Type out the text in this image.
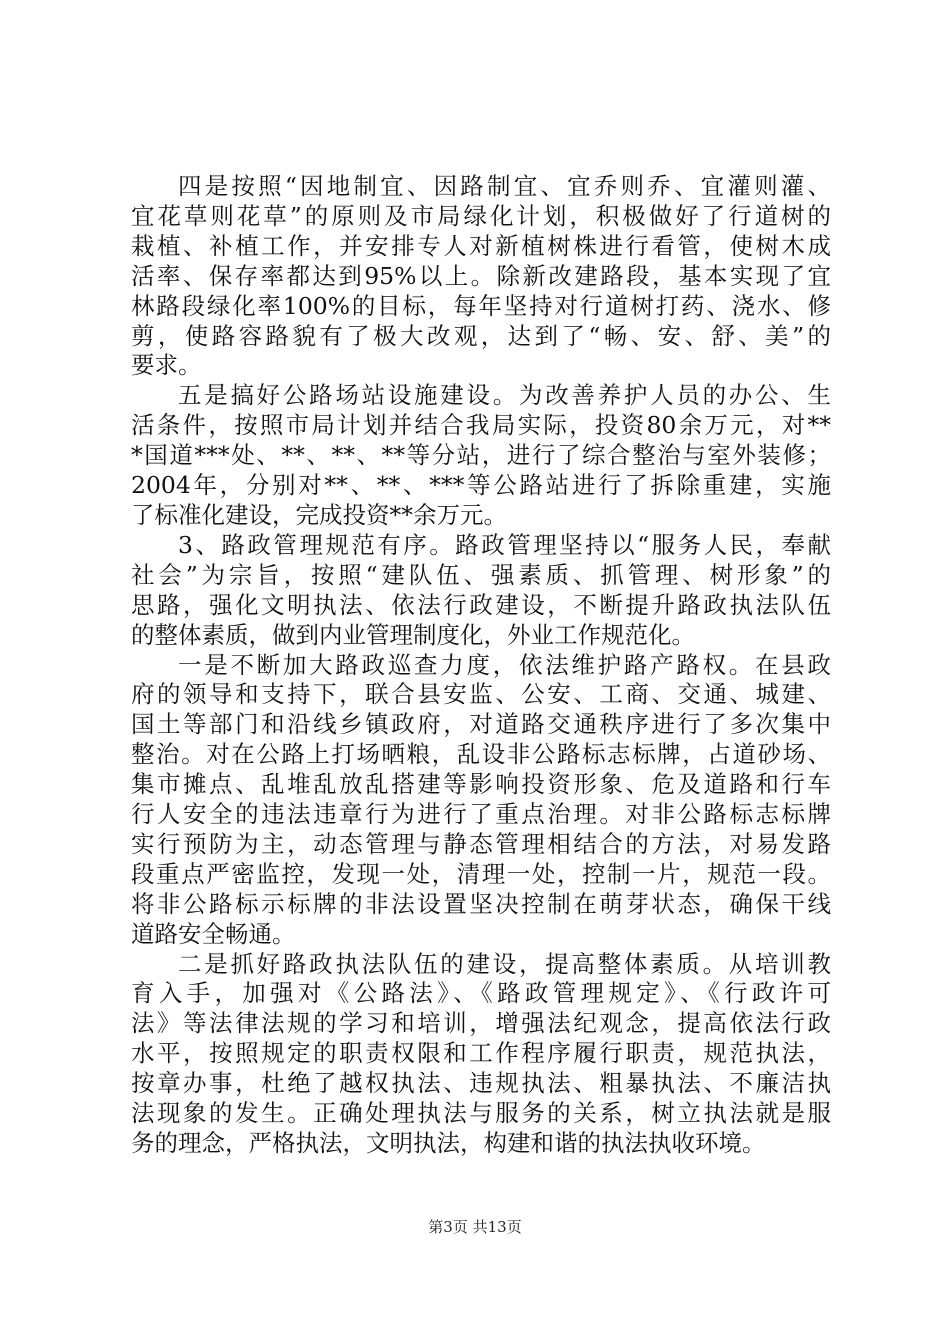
四是按照“因地制宜、因路制宜、宜乔则乔、宜灌则灌、
宜花草则花草”的原则及市局绿化计划，积极做好了行道树的
栽植、补植工作，并安排专人对新植树株进行看管，使树木成
活率、保存率都达到95%以上。除新改建路段，基本实现了宜
林路段绿化率100%的目标，每年坚持对行道树打药、浇水、修
剪，使路容路貌有了极大改观，达到了“畅、安、舒、美”的
要求。
五是搞好公路场站设施建设。为改善养护人员的办公、生
活条件，按照市局计划并结合我局实际，投资80余万元，对**
*国道***处、**、**、**等分站，进行了综合整治与室外装修；
2004年，分别对**、**、***等公路站进行了拆除重建，实施
了标准化建设，完成投资**余万元。
3、路政管理规范有序。路政管理坚持以“服务人民，奉献
社会”为宗旨，按照“建队伍、强素质、抓管理、树形象”的
思路，强化文明执法、依法行政建设，不断提升路政执法队伍
的整体素质，做到内业管理制度化，外业工作规范化。
一是不断加大路政巡查力度，依法维护路产路权。在县政
府的领导和支持下，联合县安监、公安、工商、交通、城建、
国土等部门和沿线乡镇政府，对道路交通秩序进行了多次集中
整治。对在公路上打场晒粮，乱设非公路标志标牌，占道砂场、
集市摊点、乱堆乱放乱搭建等影响投资形象、危及道路和行车
行人安全的违法违章行为进行了重点治理。对非公路标志标牌
实行预防为主，动态管理与静态管理相结合的方法，对易发路
段重点严密监控，发现一处，清理一处，控制一片，规范一段。
将非公路标示标牌的非法设置坚决控制在萌芽状态，确保干线
道路安全畅通。
二是抓好路政执法队伍的建设，提高整体素质。从培训教
育入手，加强对《公路法》、《路政管理规定》、《行政许可
法》等法律法规的学习和培训，增强法纪观念，提高依法行政
水平，按照规定的职责权限和工作程序履行职责，规范执法，
按章办事，杜绝了越权执法、违规执法、粗暴执法、不廉洁执
法现象的发生。正确处理执法与服务的关系，树立执法就是服
务的理念，严格执法，文明执法，构建和谐的执法执收环境。
第3页 共13页
